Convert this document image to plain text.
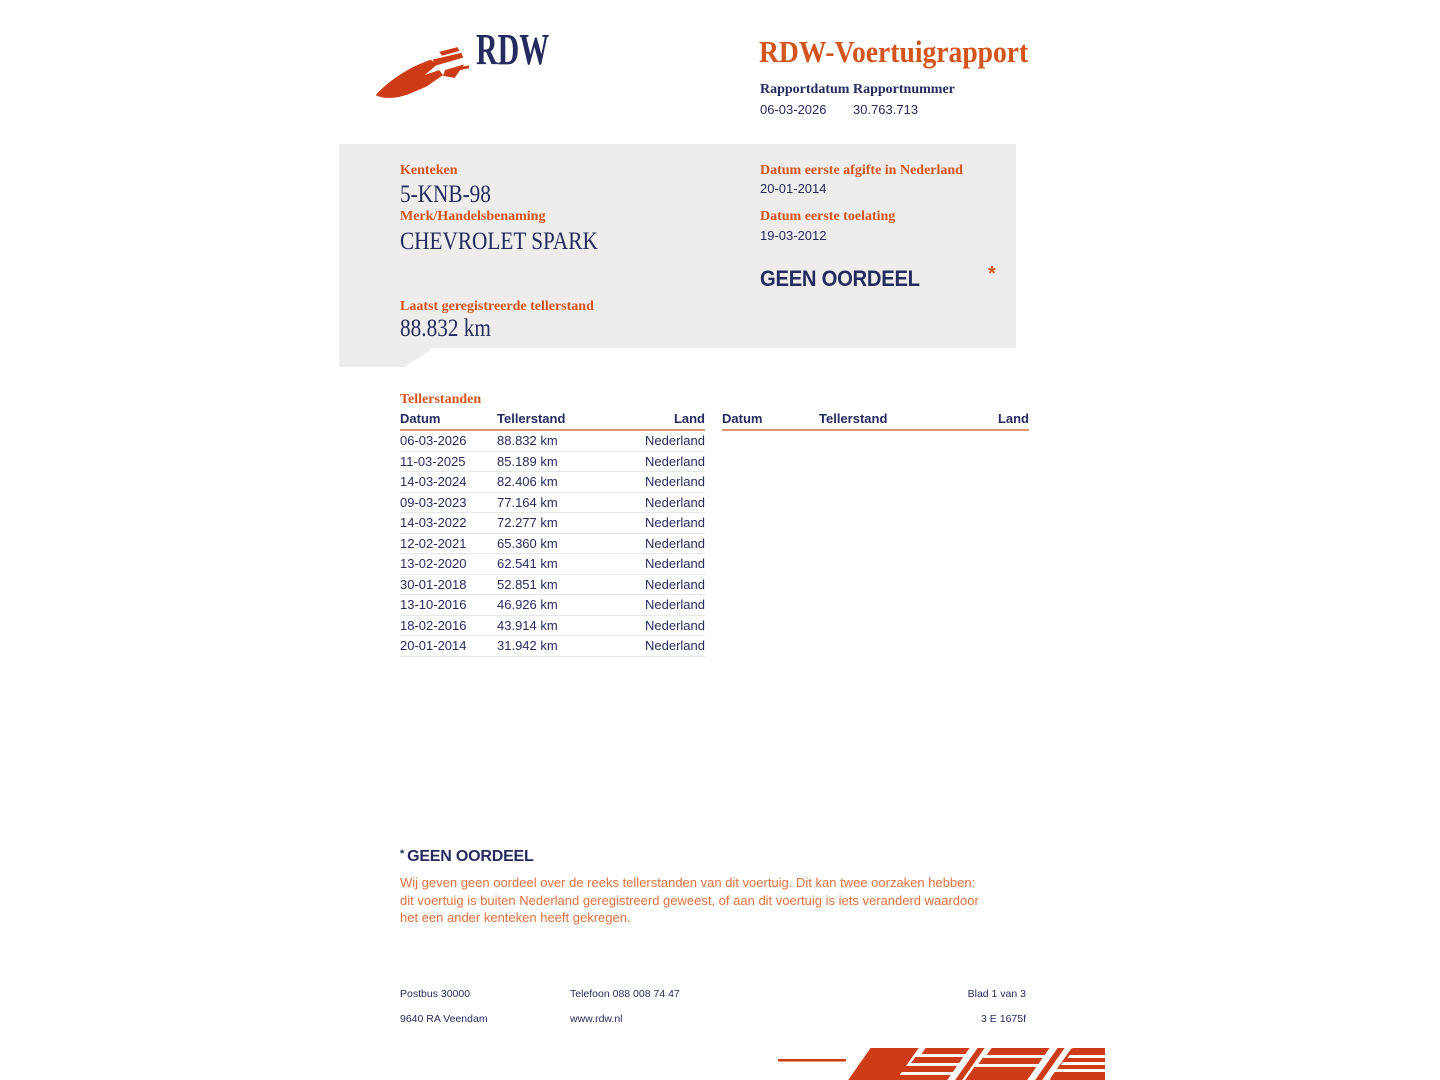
RDW	RDW-Voertuigrapport
Rapportdatum
06-03-2026
Rapportnummer
30.763.713
Kenteken
5-KNB-98
Merk/Handelsbenaming
CHEVROLET SPARK
Laatst geregistreerde tellerstand
88.832 km
Datum eerste afgifte in Nederland
20-01-2014
Datum eerste toelating
19-03-2012
GEEN OORDEEL	*
Tellerstanden
Datum	Tellerstand	Land
06-03-2026	88.832 km	Nederland
11-03-2025	85.189 km	Nederland
14-03-2024	82.406 km	Nederland
09-03-2023	77.164 km	Nederland
14-03-2022	72.277 km	Nederland
12-02-2021	65.360 km	Nederland
13-02-2020	62.541 km	Nederland
30-01-2018	52.851 km	Nederland
13-10-2016	46.926 km	Nederland
18-02-2016	43.914 km	Nederland
20-01-2014	31.942 km	Nederland
Datum	Tellerstand	Land
* GEEN OORDEEL

Wij geven geen oordeel over de reeks tellerstanden van dit voertuig. Dit kan twee oorzaken hebben: dit voertuig is buiten Nederland geregistreerd geweest, of aan dit voertuig is iets veranderd waardoor het een ander kenteken heeft gekregen.

Postbus 30000
9640 RA Veendam
Telefoon 088 008 74 47
www.rdw.nl
Blad 1 van 3
3 E 1675f
